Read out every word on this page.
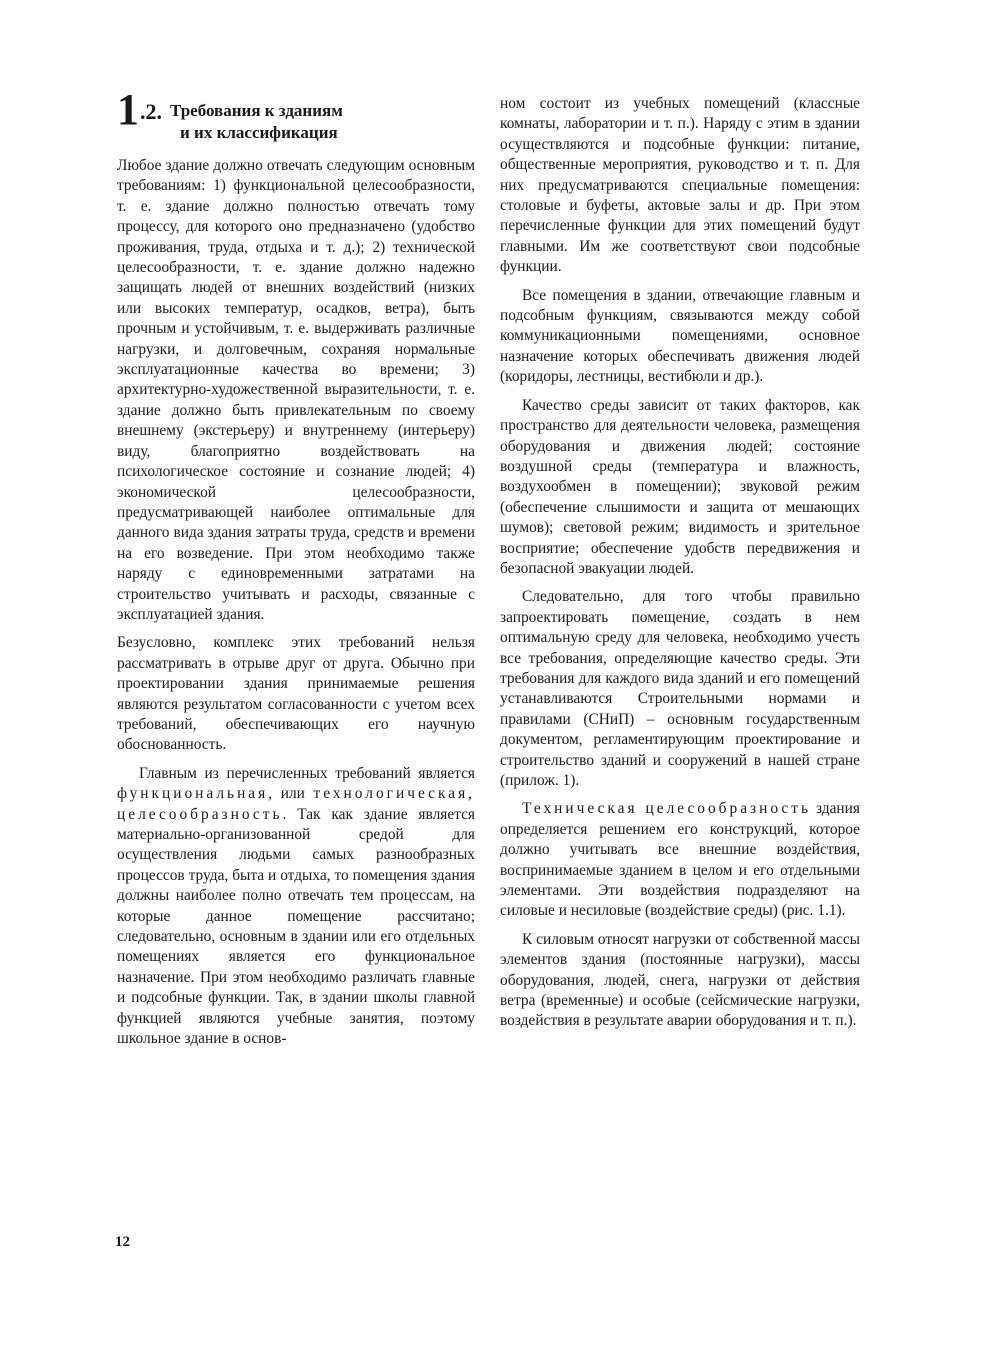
1 .2. Требования к зданиям
и их классификация

Любое здание должно отвечать следующим основным требованиям: 1) функциональной целесообразности, т. е. здание должно полностью отвечать тому процессу, для которого оно предназначено (удобство проживания, труда, отдыха и т. д.); 2) технической целесообразности, т. е. здание должно надежно защищать людей от внешних воздействий (низких или высоких температур, осадков, ветра), быть прочным и устойчивым, т. е. выдерживать различные нагрузки, и долговечным, сохраняя нормальные эксплуатационные качества во времени; 3) архитектурно-художественной выразительности, т. е. здание должно быть привлекательным по своему внешнему (экстерьеру) и внутреннему (интерьеру) виду, благоприятно воздействовать на психологическое состояние и сознание людей; 4) экономической целесообразности, предусматривающей наиболее оптимальные для данного вида здания затраты труда, средств и времени на его возведение. При этом необходимо также наряду с единовременными затратами на строительство учитывать и расходы, связанные с эксплуатацией здания.

Безусловно, комплекс этих требований нельзя рассматривать в отрыве друг от друга. Обычно при проектировании здания принимаемые решения являются результатом согласованности с учетом всех требований, обеспечивающих его научную обоснованность.

Главным из перечисленных требований является функциональная, или технологическая, целесообразность. Так как здание является материально-организованной средой для осуществления людьми самых разнообразных процессов труда, быта и отдыха, то помещения здания должны наиболее полно отвечать тем процессам, на которые данное помещение рассчитано; следовательно, основным в здании или его отдельных помещениях является его функциональное назначение. При этом необходимо различать главные и подсобные функции. Так, в здании школы главной функцией являются учебные занятия, поэтому школьное здание в основ-

ном состоит из учебных помещений (классные комнаты, лаборатории и т. п.). Наряду с этим в здании осуществляются и подсобные функции: питание, общественные мероприятия, руководство и т. п. Для них предусматриваются специальные помещения: столовые и буфеты, актовые залы и др. При этом перечисленные функции для этих помещений будут главными. Им же соответствуют свои подсобные функции.

Все помещения в здании, отвечающие главным и подсобным функциям, связываются между собой коммуникационными помещениями, основное назначение которых обеспечивать движения людей (коридоры, лестницы, вестибюли и др.).

Качество среды зависит от таких факторов, как пространство для деятельности человека, размещения оборудования и движения людей; состояние воздушной среды (температура и влажность, воздухообмен в помещении); звуковой режим (обеспечение слышимости и защита от мешающих шумов); световой режим; видимость и зрительное восприятие; обеспечение удобств передвижения и безопасной эвакуации людей.

Следовательно, для того чтобы правильно запроектировать помещение, создать в нем оптимальную среду для человека, необходимо учесть все требования, определяющие качество среды. Эти требования для каждого вида зданий и его помещений устанавливаются Строительными нормами и правилами (СНиП) – основным государственным документом, регламентирующим проектирование и строительство зданий и сооружений в нашей стране (прилож. 1).

Техническая целесообразность здания определяется решением его конструкций, которое должно учитывать все внешние воздействия, воспринимаемые зданием в целом и его отдельными элементами. Эти воздействия подразделяют на силовые и несиловые (воздействие среды) (рис. 1.1).

К силовым относят нагрузки от собственной массы элементов здания (постоянные нагрузки), массы оборудования, людей, снега, нагрузки от действия ветра (временные) и особые (сейсмические нагрузки, воздействия в результате аварии оборудования и т. п.).

12
